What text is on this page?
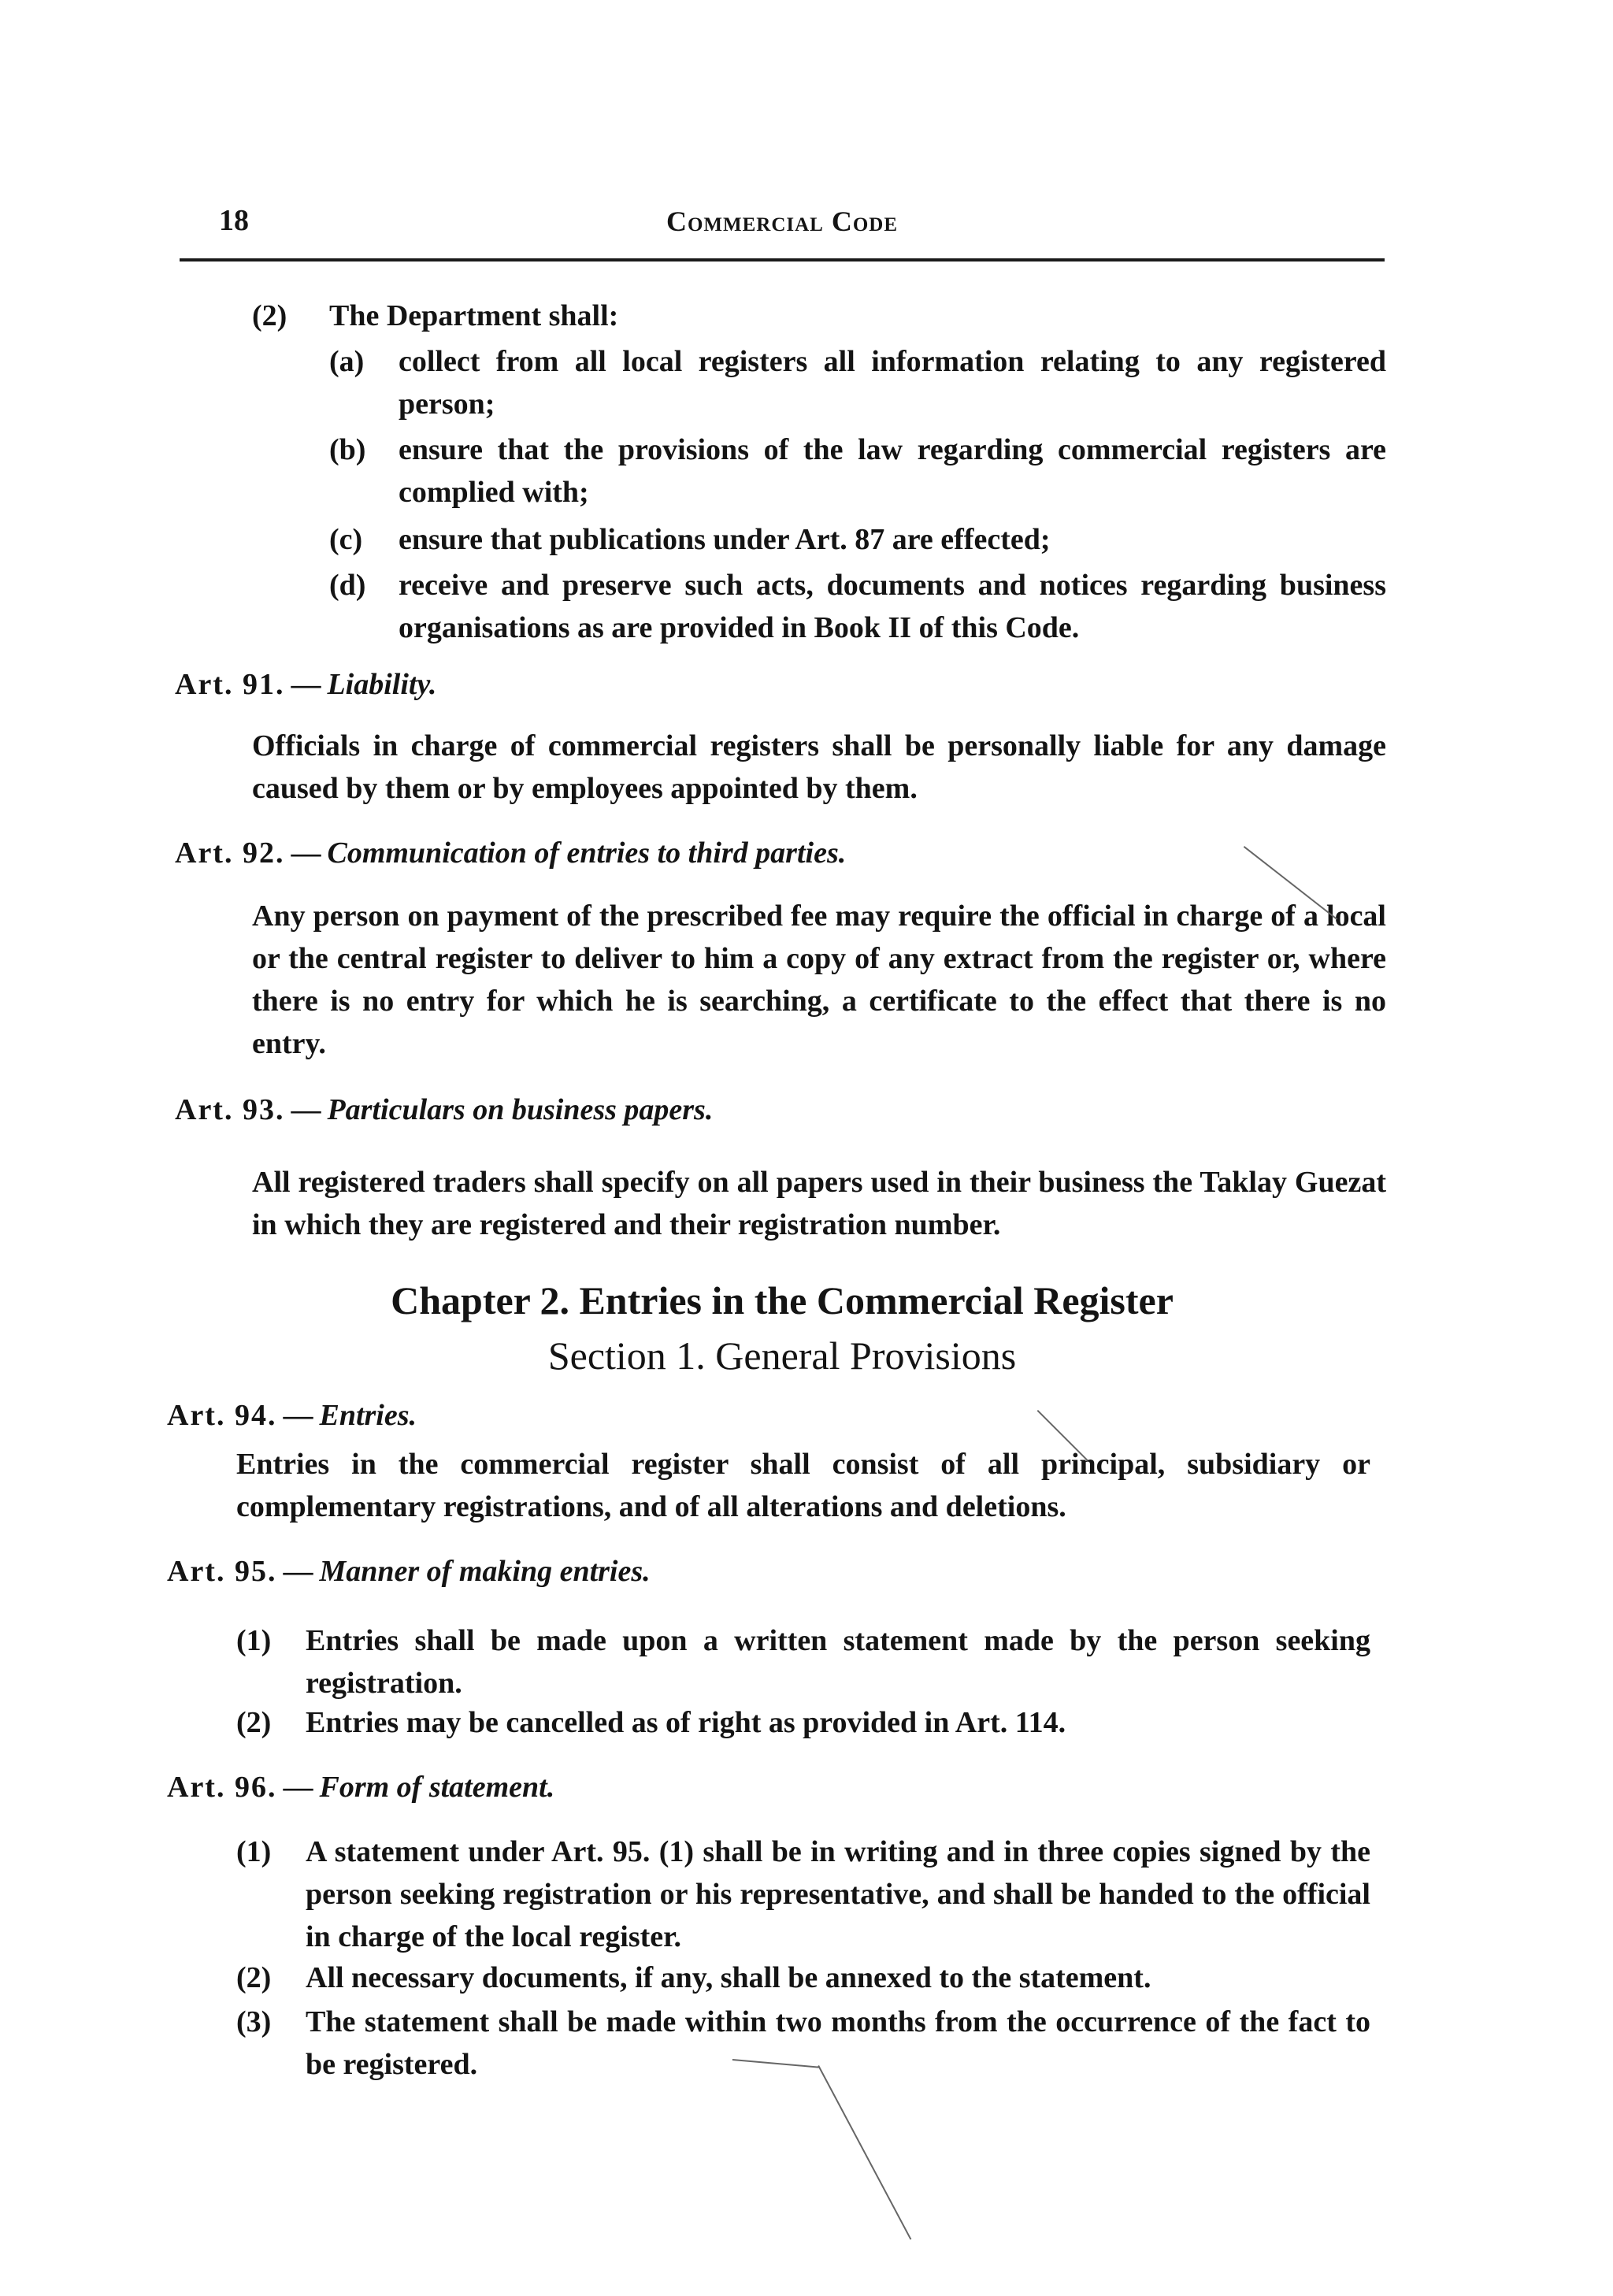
18	Commercial Code
(2)	The Department shall:
(a)	collect from all local registers all information relating to any registered person;
(b)	ensure that the provisions of the law regarding commercial registers are complied with;
(c)	ensure that publications under Art. 87 are effected;
(d)	receive and preserve such acts, documents and notices regarding business organisations as are provided in Book II of this Code.
Art. 91. — Liability.
Officials in charge of commercial registers shall be personally liable for any damage caused by them or by employees appointed by them.
Art. 92. — Communication of entries to third parties.
Any person on payment of the prescribed fee may require the official in charge of a local or the central register to deliver to him a copy of any extract from the register or, where there is no entry for which he is searching, a certificate to the effect that there is no entry.
Art. 93. — Particulars on business papers.
All registered traders shall specify on all papers used in their business the Taklay Guezat in which they are registered and their registration number.
Chapter 2. Entries in the Commercial Register
Section 1. General Provisions
Art. 94. — Entries.
Entries in the commercial register shall consist of all principal, subsidiary or complementary registrations, and of all alterations and deletions.
Art. 95. — Manner of making entries.
(1)	Entries shall be made upon a written statement made by the person seeking registration.
(2)	Entries may be cancelled as of right as provided in Art. 114.
Art. 96. — Form of statement.
(1)	A statement under Art. 95. (1) shall be in writing and in three copies signed by the person seeking registration or his representative, and shall be handed to the official in charge of the local register.
(2)	All necessary documents, if any, shall be annexed to the statement.
(3)	The statement shall be made within two months from the occurrence of the fact to be registered.
